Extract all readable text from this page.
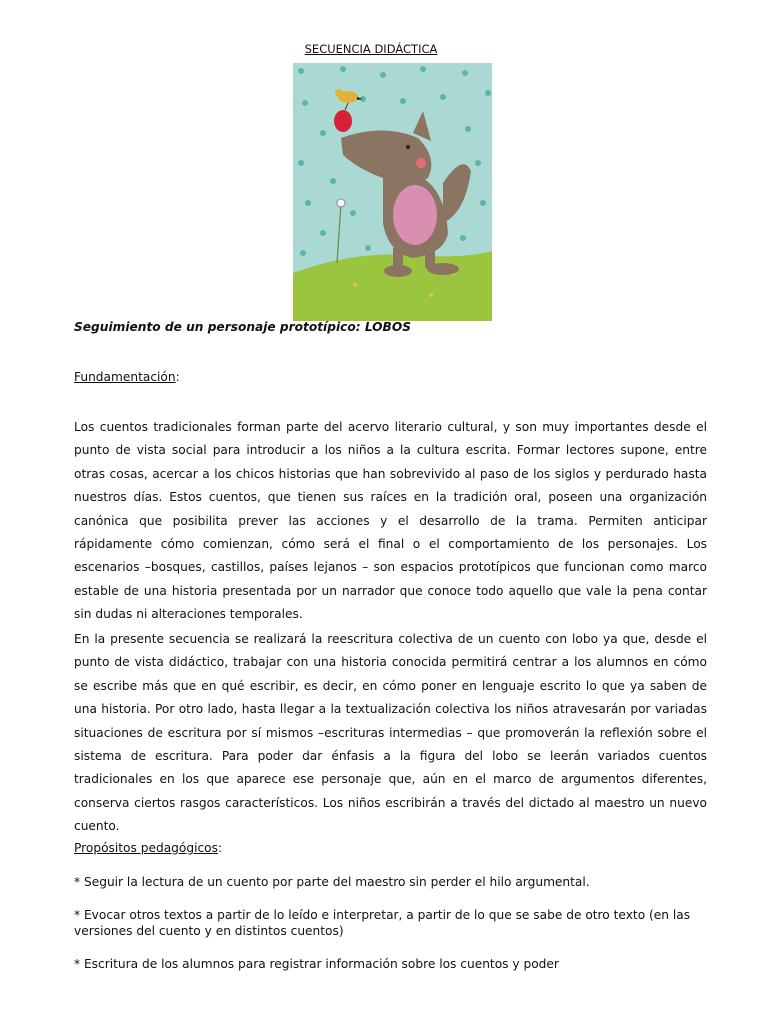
SECUENCIA DIDÁCTICA
Seguimiento de un personaje prototípico: LOBOS
Fundamentación:
Los cuentos tradicionales forman parte del acervo literario cultural, y son muy importantes desde el
punto de vista social para introducir a los niños a la cultura escrita. Formar lectores supone, entre
otras cosas, acercar a los chicos historias que han sobrevivido al paso de los siglos y perdurado hasta
nuestros días. Estos cuentos, que tienen sus raíces en la tradición oral, poseen una organización
canónica que posibilita prever las acciones y el desarrollo de la trama. Permiten anticipar
rápidamente cómo comienzan, cómo será el final o el comportamiento de los personajes. Los
escenarios –bosques, castillos, países lejanos – son espacios prototípicos que funcionan como marco
estable de una historia presentada por un narrador que conoce todo aquello que vale la pena contar
sin dudas ni alteraciones temporales.
En la presente secuencia se realizará la reescritura colectiva de un cuento con lobo ya que, desde el
punto de vista didáctico, trabajar con una historia conocida permitirá centrar a los alumnos en cómo
se escribe más que en qué escribir, es decir, en cómo poner en lenguaje escrito lo que ya saben de
una historia. Por otro lado, hasta llegar a la textualización colectiva los niños atravesarán por variadas
situaciones de escritura por sí mismos –escrituras intermedias – que promoverán la reflexión sobre el
sistema de escritura. Para poder dar énfasis a la figura del lobo se leerán variados cuentos
tradicionales en los que aparece ese personaje que, aún en el marco de argumentos diferentes,
conserva ciertos rasgos característicos. Los niños escribirán a través del dictado al maestro un nuevo
cuento.
Propósitos pedagógicos:
* Seguir la lectura de un cuento por parte del maestro sin perder el hilo argumental.
* Evocar otros textos a partir de lo leído e interpretar, a partir de lo que se sabe de otro texto (en las versiones del cuento y en distintos cuentos)
* Escritura de los alumnos para registrar información sobre los cuentos y poder
